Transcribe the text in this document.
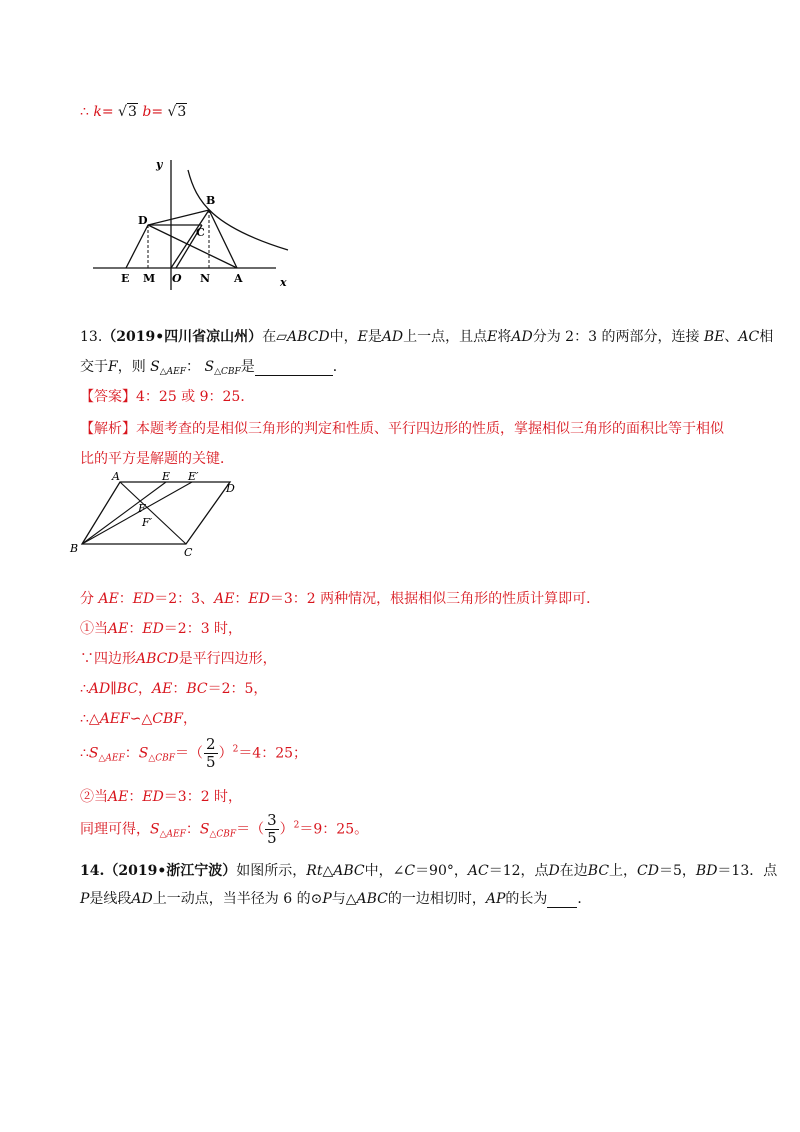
∴ k= √3 b= √3
y
B
D
C
E M O N A	x
13.（2019•四川省凉山州）在▱ABCD中，E是AD上一点，且点E将AD分为 2：3 的两部分，连接 BE、AC相
交于F，则 $S_{\triangle AEF}$： $S_{\triangle CBF}$是	．
【答案】4：25 或 9：25．
【解析】本题考查的是相似三角形的判定和性质、平行四边形的性质，掌握相似三角形的面积比等于相似
比的平方是解题的关键．
A	E E′
D
F
F′
B	C
分 AE：ED＝2：3、AE：ED＝3：2 两种情况，根据相似三角形的性质计算即可．
①当AE：ED＝2：3 时，
∵四边形ABCD是平行四边形，
∴AD∥BC，AE：BC＝2：5，
∴△AEF∽△CBF，
$\therefore S_{\triangle AEF}$：$S_{\triangle CBF}=( \frac{2}{5} )^2=4$：25；
②当AE：ED＝3：2 时，
同理可得，$S_{\triangle AEF}$：$S_{\triangle CBF}=( \frac{3}{5} )^2=9$：25。
14.（2019•浙江宁波）如图所示，Rt△ABC中，∠C＝90°，AC＝12，点D在边BC上，CD＝5，BD＝13．点
P是线段AD上一动点，当半径为 6 的⊙P与△ABC的一边相切时，AP的长为 ．
